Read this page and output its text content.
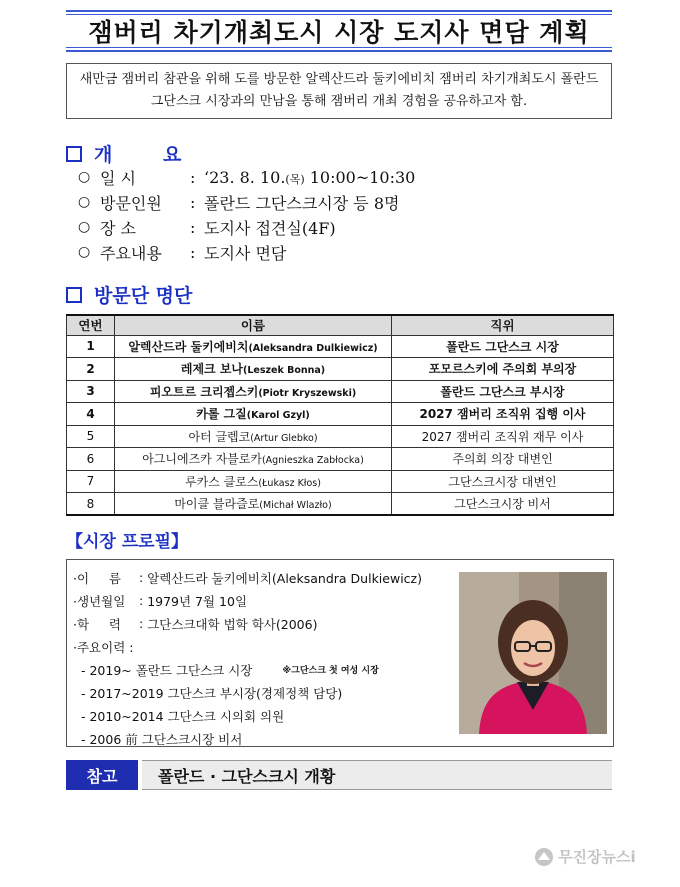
잼버리 차기개최도시 시장 도지사 면담 계획
새만금 잼버리 참관을 위해 도를 방문한 알렉산드라 둘키에비치 잼버리 차기개최도시 폴란드 그단스크 시장과의 만남을 통해 잼버리 개최 경험을 공유하고자 함.
개 요
○ 일 시	: ‘23. 8. 10.(목) 10:00~10:30
○ 방문인원	: 폴란드 그단스크시장 등 8명
○ 장 소	: 도지사 접견실(4F)
○ 주요내용	: 도지사 면담
방문단 명단
연번	이름	직위
1	알렉산드라 둘키에비치(Aleksandra Dulkiewicz)	폴란드 그단스크 시장
2	레제크 보나(Leszek Bonna)	포모르스키에 주의회 부의장
3	피오트르 크리젭스키(Piotr Kryszewski)	폴란드 그단스크 부시장
4	카롤 그질(Karol Gzyl)	2027 잼버리 조직위 집행 이사
5	아터 글렙코(Artur Glebko)	2027 잼버리 조직위 재무 이사
6	아그니에즈카 자블로카(Agnieszka Zabłocka)	주의회 의장 대변인
7	루카스 클로스(Łukasz Kłos)	그단스크시장 대변인
8	마이클 블라즐로(Michał Wlazło)	그단스크시장 비서
【시장 프로필】
·이     름	: 알렉산드라 둘키에비치(Aleksandra Dulkiewicz)
·생년월일	: 1979년 7월 10일
·학     력	: 그단스크대학 법학 학사(2006)
·주요이력 :
- 2019~ 폴란드 그단스크 시장	※그단스크 첫 여성 시장
- 2017~2019 그단스크 부시장(경제정책 담당)
- 2010~2014 그단스크 시의회 의원
- 2006 前 그단스크시장 비서
참고	폴란드 · 그단스크시 개황
무진장뉴스i
